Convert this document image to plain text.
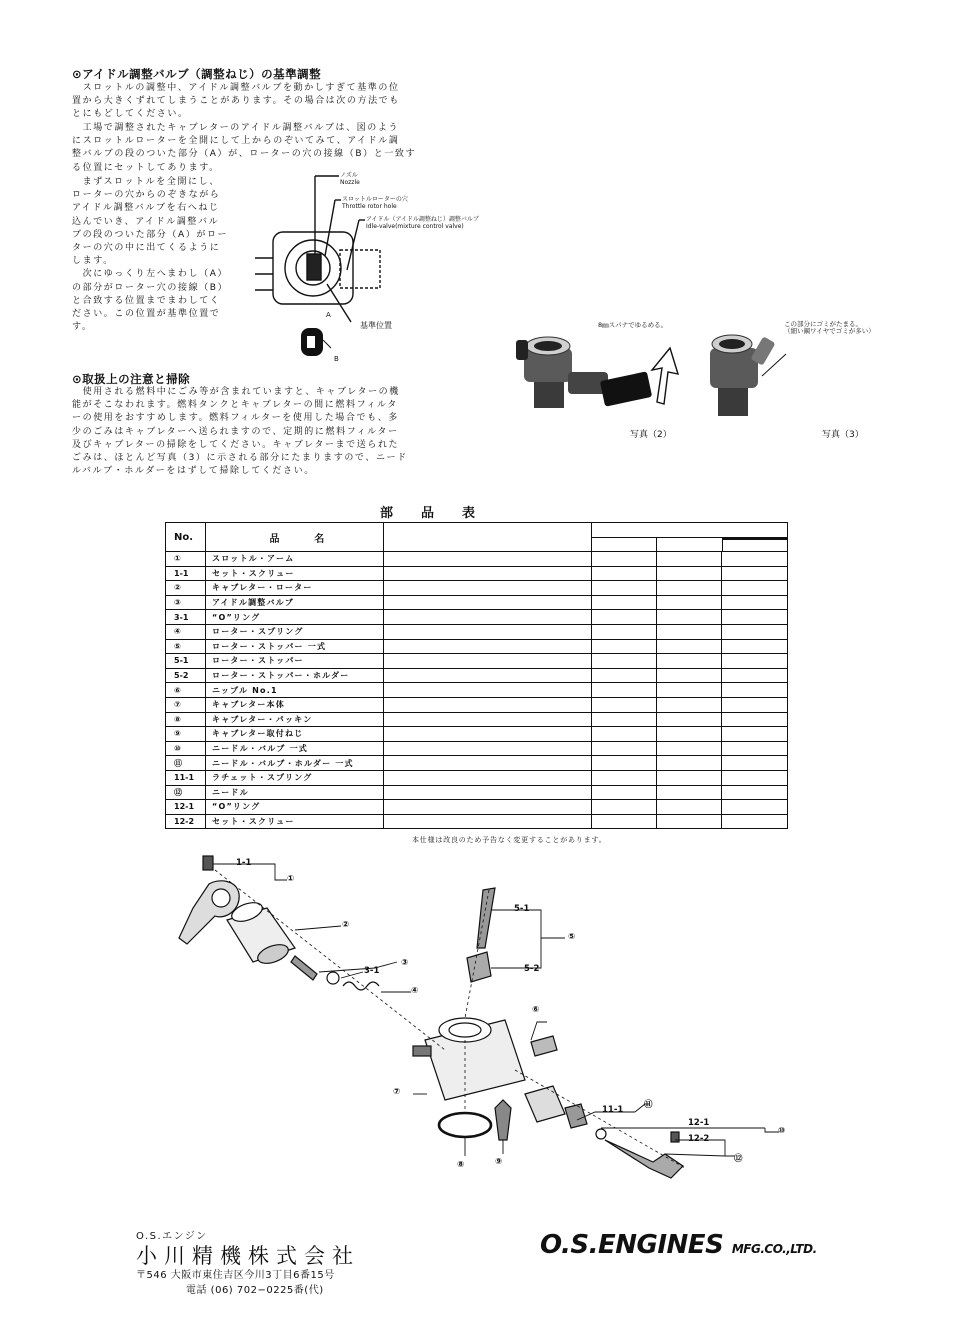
⊙アイドル調整バルブ（調整ねじ）の基準調整
　スロットルの調整中、アイドル調整バルブを動かしすぎて基準の位
置から大きくずれてしまうことがあります。その場合は次の方法でも
とにもどしてください。
　工場で調整されたキャブレターのアイドル調整バルブは、図のよう
にスロットルローターを全開にして上からのぞいてみて、アイドル調
整バルブの段のついた部分（A）が、ローターの穴の接線（B）と一致す
る位置にセットしてあります。
　まずスロットルを全開にし、
ローターの穴からのぞきながら
アイドル調整バルブを右へねじ
込んでいき、アイドル調整バル
ブの段のついた部分（A）がロー
ターの穴の中に出てくるように
します。
　次にゆっくり左へまわし（A）
の部分がローター穴の接線（B）
と合致する位置までまわしてく
ださい。この位置が基準位置で
す。
ノズル
Nozzle
スロットルローターの穴
Throttle rotor hole
アイドル（アイドル調整ねじ）調整バルブ
Idle-valve(mixture control valve)
A
B
基準位置
⊙取扱上の注意と掃除
　使用される燃料中にごみ等が含まれていますと、キャブレターの機
能がそこなわれます。燃料タンクとキャブレターの間に燃料フィルタ
ーの使用をおすすめします。燃料フィルターを使用した場合でも、多
少のごみはキャブレターへ送られますので、定期的に燃料フィルター
及びキャブレターの掃除をしてください。キャブレターまで送られた
ごみは、ほとんど写真（3）に示される部分にたまりますので、ニード
ルバルブ・ホルダーをはずして掃除してください。
8㎜スパナでゆるめる。
写真（2）
この部分にゴミがたまる。
（細い鋼ワイヤでゴミが多い）
写真（3）
部品表
No.	品　　　名				

①	スロットル・アーム				
1-1	セット・スクリュー				
②	キャブレター・ローター				
③	アイドル調整バルブ				
3-1	“O”リング				
④	ローター・スプリング				
⑤	ローター・ストッパー 一式				
5-1	ローター・ストッパー				
5-2	ローター・ストッパー・ホルダー				
⑥	ニップル No.1				
⑦	キャブレター本体				
⑧	キャブレター・パッキン				
⑨	キャブレター取付ねじ				
⑩	ニードル・バルブ 一式				
⑪	ニードル・バルブ・ホルダー 一式				
11-1	ラチェット・スプリング				
⑫	ニードル				
12-1	“O”リング				
12-2	セット・スクリュー				
本仕様は改良のため予告なく変更することがあります。
1-1
①
②
3-1
③
④
5-1
5-2
⑤
⑥
⑦
⑧	⑨
11-1 ⑪
12-1
12-2
⑫
⑩
O.S.エンジン
小川精機株式会社
〒546 大阪市東住吉区今川3丁目6番15号
電話 (06) 702−0225番(代)
O.S.ENGINES MFG.CO.,LTD.
